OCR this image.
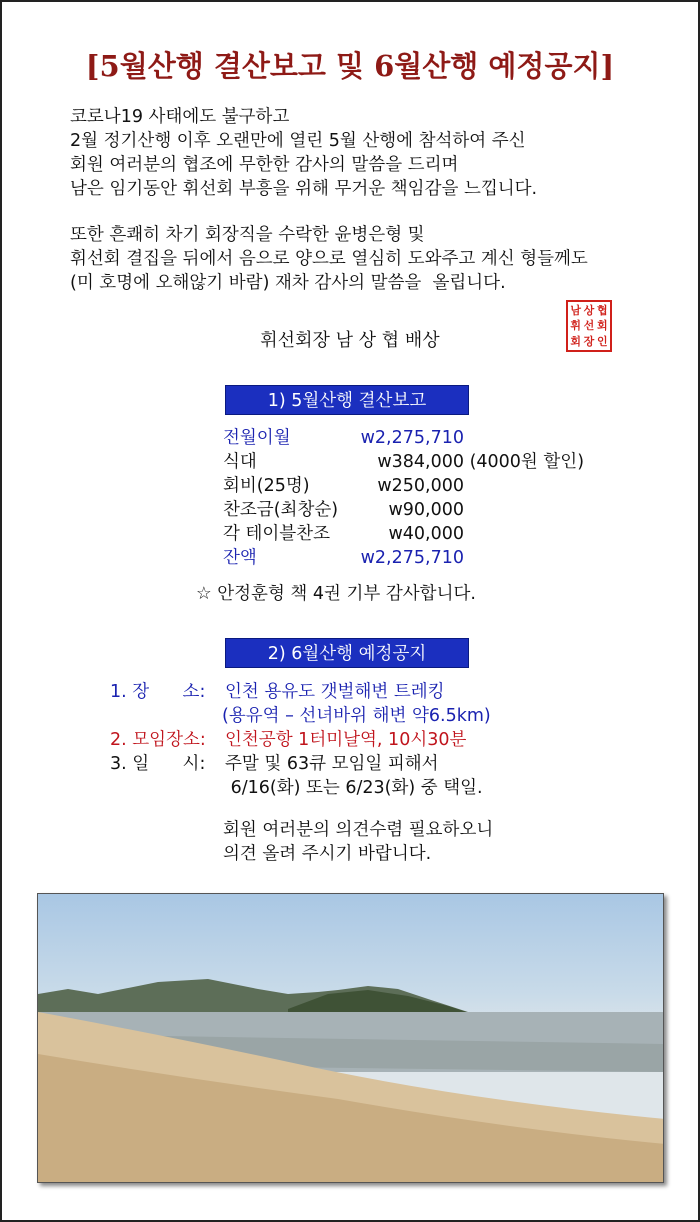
[5월산행 결산보고 및 6월산행 예정공지]
코로나19 사태에도 불구하고
2월 정기산행 이후 오랜만에 열린 5월 산행에 참석하여 주신
회원 여러분의 협조에 무한한 감사의 말씀을 드리며
남은 임기동안 휘선회 부흥을 위해 무거운 책임감을 느낍니다.
또한 흔쾌히 차기 회장직을 수락한 윤병은형 및
휘선회 결집을 뒤에서 음으로 양으로 열심히 도와주고 계신 형들께도
(미 호명에 오해않기 바람) 재차 감사의 말씀을  올립니다.
휘선회장 남 상 협 배상
남 상 협
휘 선 회
회 장 인
1) 5월산행 결산보고
전월이월	w2,275,710
식대	w384,000 (4000원 할인)
회비(25명)	w250,000
찬조금(최창순)	w90,000
각 테이블찬조	w40,000
잔액	w2,275,710
☆ 안정훈형 책 4권 기부 감사합니다.
2) 6월산행 예정공지
1. 장      소: 인천 용유도 갯벌해변 트레킹
(용유역 – 선녀바위 해변 약6.5km)
2. 모임장소: 인천공항 1터미날역, 10시30분
3. 일      시: 주말 및 63큐 모임일 피해서
6/16(화) 또는 6/23(화) 중 택일.
회원 여러분의 의견수렴 필요하오니
의견 올려 주시기 바랍니다.
